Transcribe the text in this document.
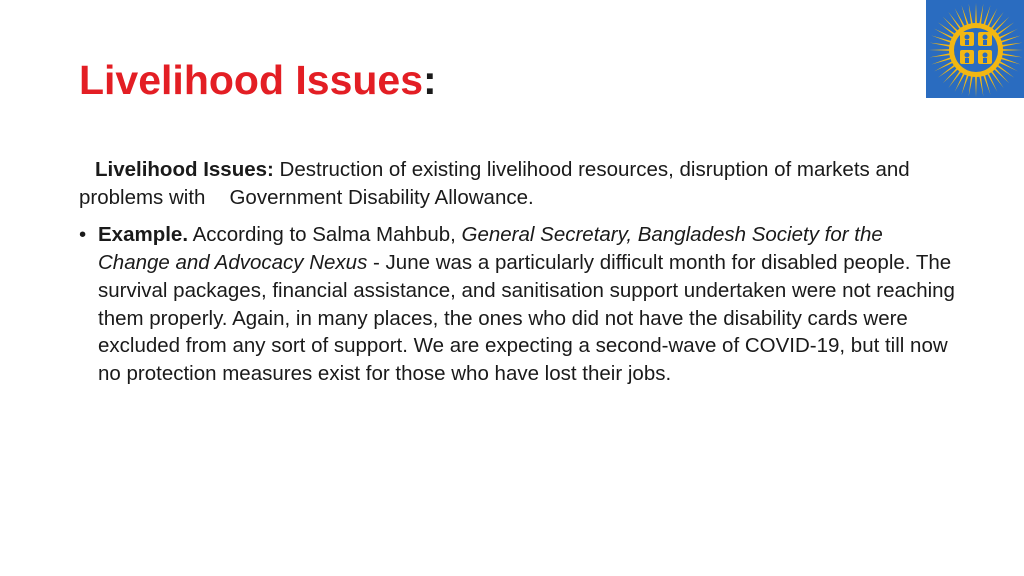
Livelihood Issues:

Livelihood Issues: Destruction of existing livelihood resources, disruption of markets and problems with Government Disability Allowance.

• Example. According to Salma Mahbub, General Secretary, Bangladesh Society for the Change and Advocacy Nexus - June was a particularly difficult month for disabled people. The survival packages, financial assistance, and sanitisation support undertaken were not reaching them properly. Again, in many places, the ones who did not have the disability cards were excluded from any sort of support. We are expecting a second-wave of COVID-19, but till now no protection measures exist for those who have lost their jobs.
